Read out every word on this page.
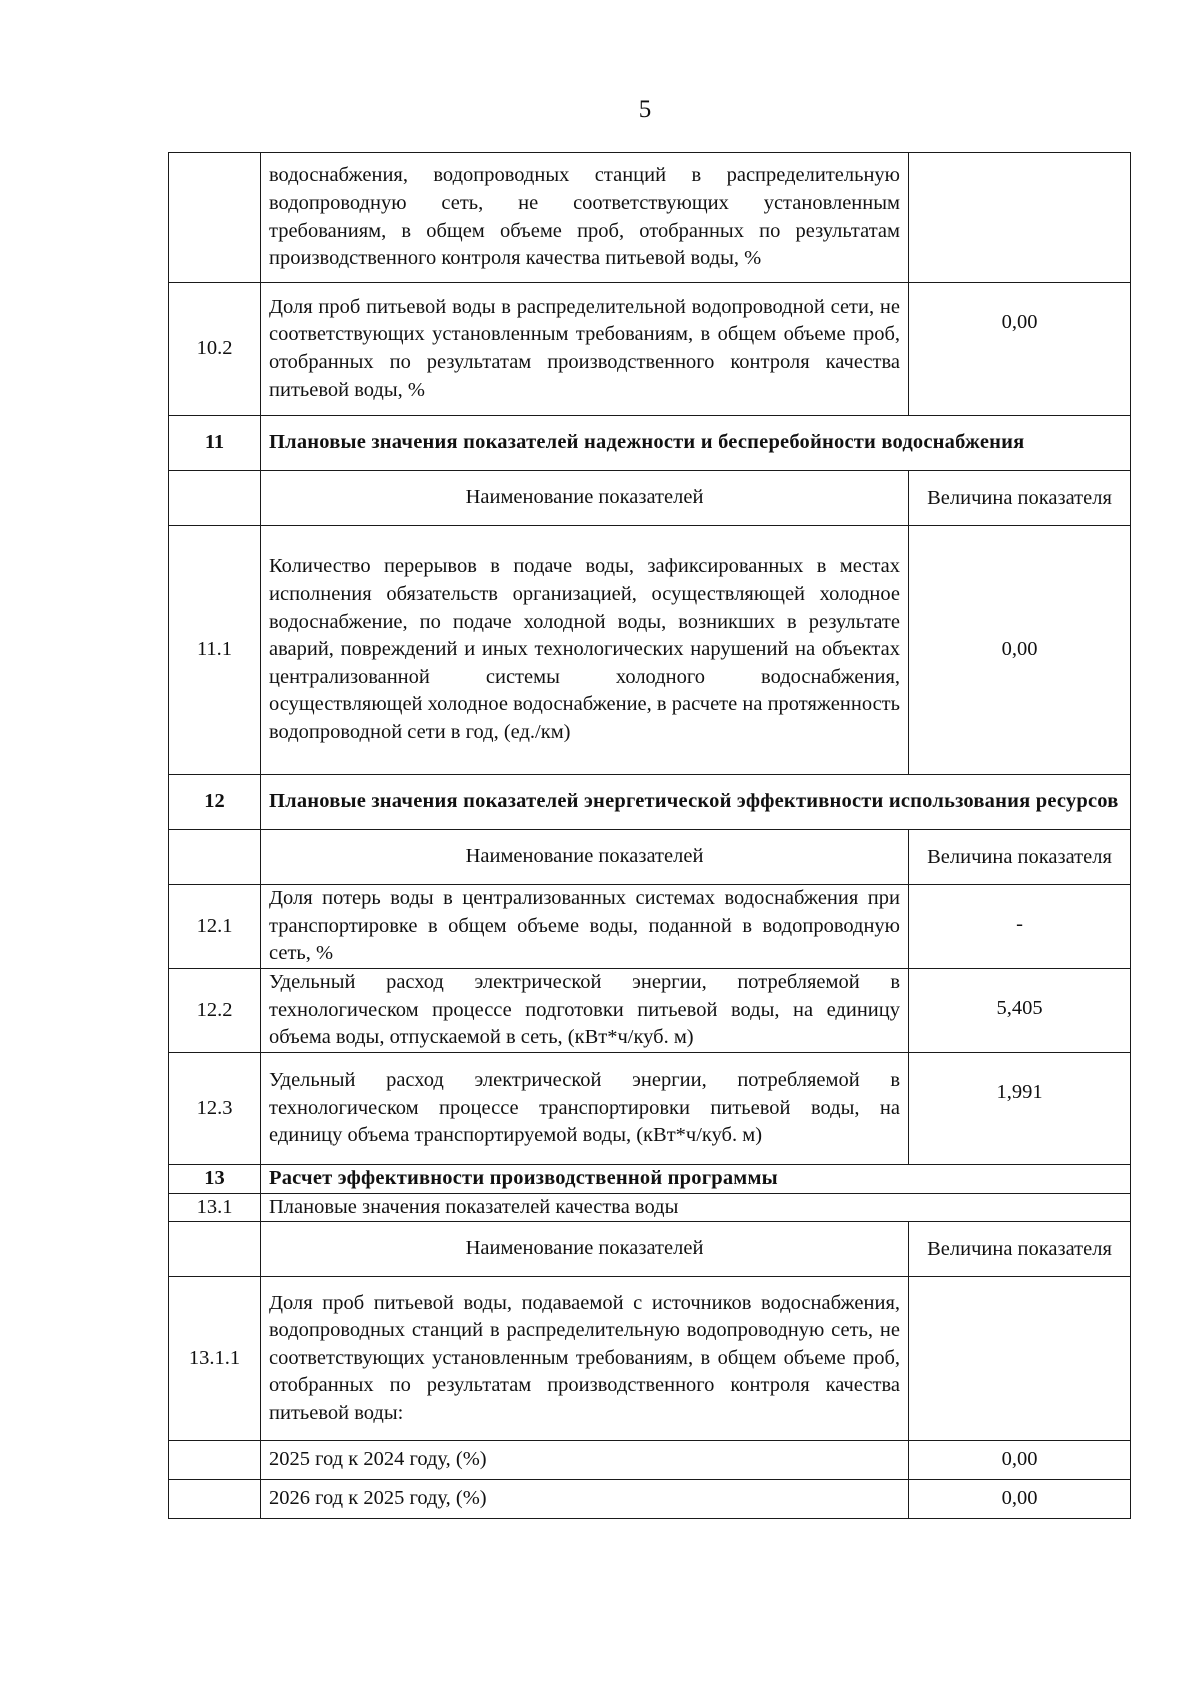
5
	водоснабжения, водопроводных станций в распределительную водопроводную сеть, не соответствующих установленным требованиям, в общем объеме проб, отобранных по результатам производственного контроля качества питьевой воды, %	
10.2	Доля проб питьевой воды в распределительной водопроводной сети, не соответствующих установленным требованиям, в общем объеме проб, отобранных по результатам производственного контроля качества питьевой воды, %	0,00
11	Плановые значения показателей надежности и бесперебойности водоснабжения	
	Наименование показателей	Величина показателя
11.1	Количество перерывов в подаче воды, зафиксированных в местах исполнения обязательств организацией, осуществляющей холодное водоснабжение, по подаче холодной воды, возникших в результате аварий, повреждений и иных технологических нарушений на объектах централизованной системы холодного водоснабжения, осуществляющей холодное водоснабжение, в расчете на протяженность водопроводной сети в год, (ед./км)	0,00
12	Плановые значения показателей энергетической эффективности использования ресурсов	
	Наименование показателей	Величина показателя
12.1	Доля потерь воды в централизованных системах водоснабжения при транспортировке в общем объеме воды, поданной в водопроводную сеть, %	-
12.2	Удельный расход электрической энергии, потребляемой в технологическом процессе подготовки питьевой воды, на единицу объема воды, отпускаемой в сеть, (кВт*ч/куб. м)	5,405
12.3	Удельный расход электрической энергии, потребляемой в технологическом процессе транспортировки питьевой воды, на единицу объема транспортируемой воды, (кВт*ч/куб. м)	1,991
13	Расчет эффективности производственной программы	
13.1	Плановые значения показателей качества воды	
	Наименование показателей	Величина показателя
13.1.1	Доля проб питьевой воды, подаваемой с источников водоснабжения, водопроводных станций в распределительную водопроводную сеть, не соответствующих установленным требованиям, в общем объеме проб, отобранных по результатам производственного контроля качества питьевой воды:	
	2025 год к 2024 году, (%)	0,00
	2026 год к 2025 году, (%)	0,00
